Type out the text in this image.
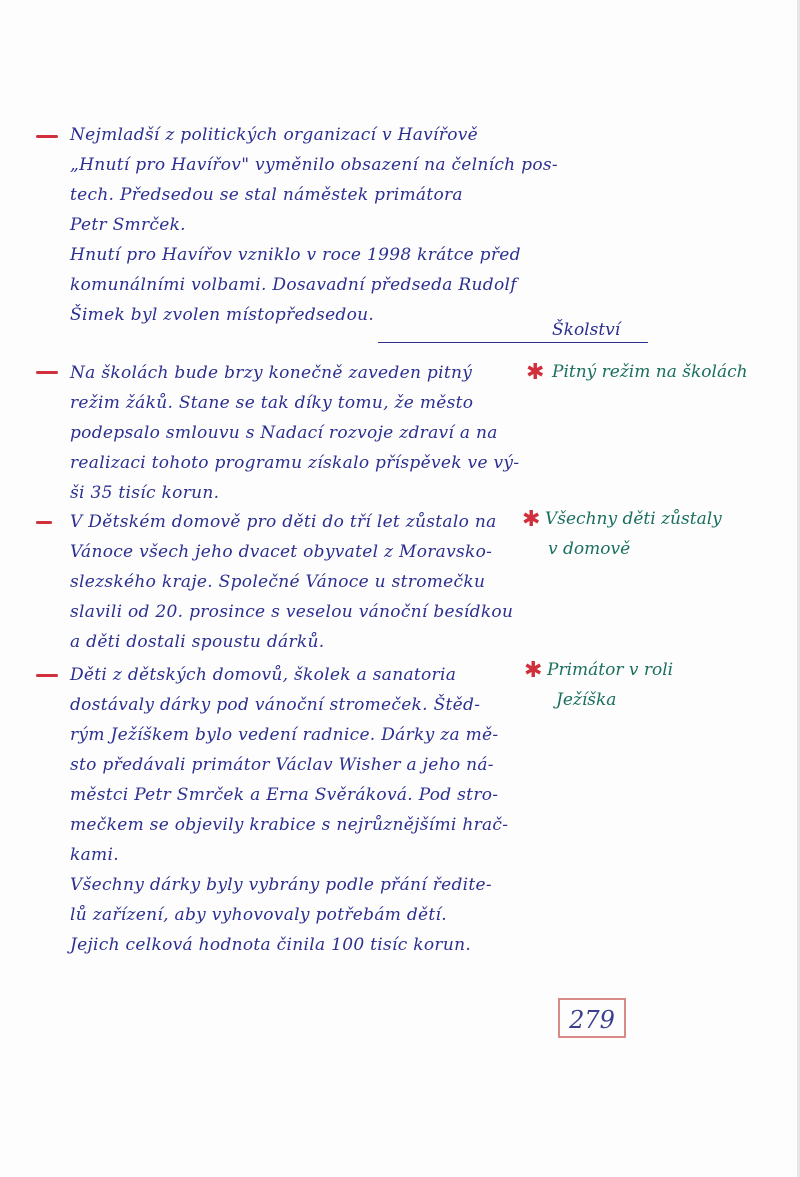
Nejmladší z politických organizací v Havířově
„Hnutí pro Havířov" vyměnilo obsazení na čelních pos-
tech. Předsedou se stal náměstek primátora
Petr Smrček.
Hnutí pro Havířov vzniklo v roce 1998 krátce před
komunálními volbami. Dosavadní předseda Rudolf
Šimek byl zvolen místopředsedou.
Školství
Na školách bude brzy konečně zaveden pitný
režim žáků. Stane se tak díky tomu, že město
podepsalo smlouvu s Nadací rozvoje zdraví a na
realizaci tohoto programu získalo příspěvek ve vý-
ši 35 tisíc korun.
✱ Pitný režim na školách
V Dětském domově pro děti do tří let zůstalo na
Vánoce všech jeho dvacet obyvatel z Moravsko-
slezského kraje. Společné Vánoce u stromečku
slavili od 20. prosince s veselou vánoční besídkou
a děti dostali spoustu dárků.
✱ Všechny děti zůstaly
v domově
Děti z dětských domovů, školek a sanatoria
dostávaly dárky pod vánoční stromeček. Štěd-
rým Ježíškem bylo vedení radnice. Dárky za mě-
sto předávali primátor Václav Wisher a jeho ná-
městci Petr Smrček a Erna Svěráková. Pod stro-
mečkem se objevily krabice s nejrůznějšími hrač-
kami.
Všechny dárky byly vybrány podle přání ředite-
lů zařízení, aby vyhovovaly potřebám dětí.
Jejich celková hodnota činila 100 tisíc korun.
✱ Primátor v roli
Ježíška
279
